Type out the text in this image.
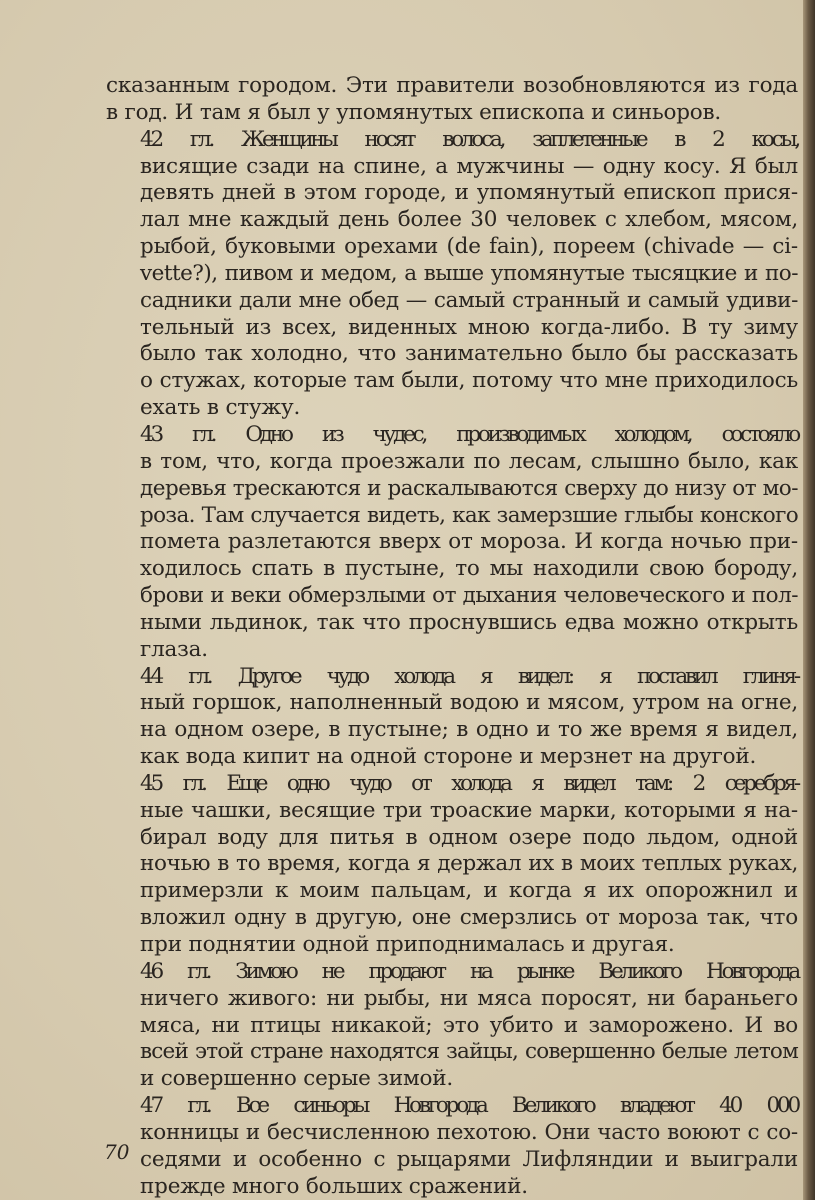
сказанным городом. Эти правители возобновляются из года
в год. И там я был у упомянутых епископа и синьоров.
42 гл. Женщины носят волоса, заплетенные в 2 косы,
висящие сзади на спине, а мужчины — одну косу. Я был
девять дней в этом городе, и упомянутый епископ прися-
лал мне каждый день более 30 человек с хлебом, мясом,
рыбой, буковыми орехами (de fain), пореем (chivade — ci-
vette?), пивом и медом, а выше упомянутые тысяцкие и по-
садники дали мне обед — самый странный и самый удиви-
тельный из всех, виденных мною когда-либо. В ту зиму
было так холодно, что занимательно было бы рассказать
о стужах, которые там были, потому что мне приходилось
ехать в стужу.
43 гл. Одно из чудес, производимых холодом, состояло
в том, что, когда проезжали по лесам, слышно было, как
деревья трескаются и раскалываются сверху до низу от мо-
роза. Там случается видеть, как замерзшие глыбы конского
помета разлетаются вверх от мороза. И когда ночью при-
ходилось спать в пустыне, то мы находили свою бороду,
брови и веки обмерзлыми от дыхания человеческого и пол-
ными льдинок, так что проснувшись едва можно открыть
глаза.
44 гл. Другое чудо холода я видел: я поставил глиня-
ный горшок, наполненный водою и мясом, утром на огне,
на одном озере, в пустыне; в одно и то же время я видел,
как вода кипит на одной стороне и мерзнет на другой.
45 гл. Еще одно чудо от холода я видел там: 2 серебря-
ные чашки, весящие три троаские марки, которыми я на-
бирал воду для питья в одном озере подо льдом, одной
ночью в то время, когда я держал их в моих теплых руках,
примерзли к моим пальцам, и когда я их опорожнил и
вложил одну в другую, оне смерзлись от мороза так, что
при поднятии одной приподнималась и другая.
46 гл. Зимою не продают на рынке Великого Новгорода
ничего живого: ни рыбы, ни мяса поросят, ни бараньего
мяса, ни птицы никакой; это убито и заморожено. И во
всей этой стране находятся зайцы, совершенно белые летом
и совершенно серые зимой.
47 гл. Все синьоры Новгорода Великого владеют 40 000
конницы и бесчисленною пехотою. Они часто воюют с со-
седями и особенно с рыцарями Лифляндии и выиграли
прежде много больших сражений.
70
